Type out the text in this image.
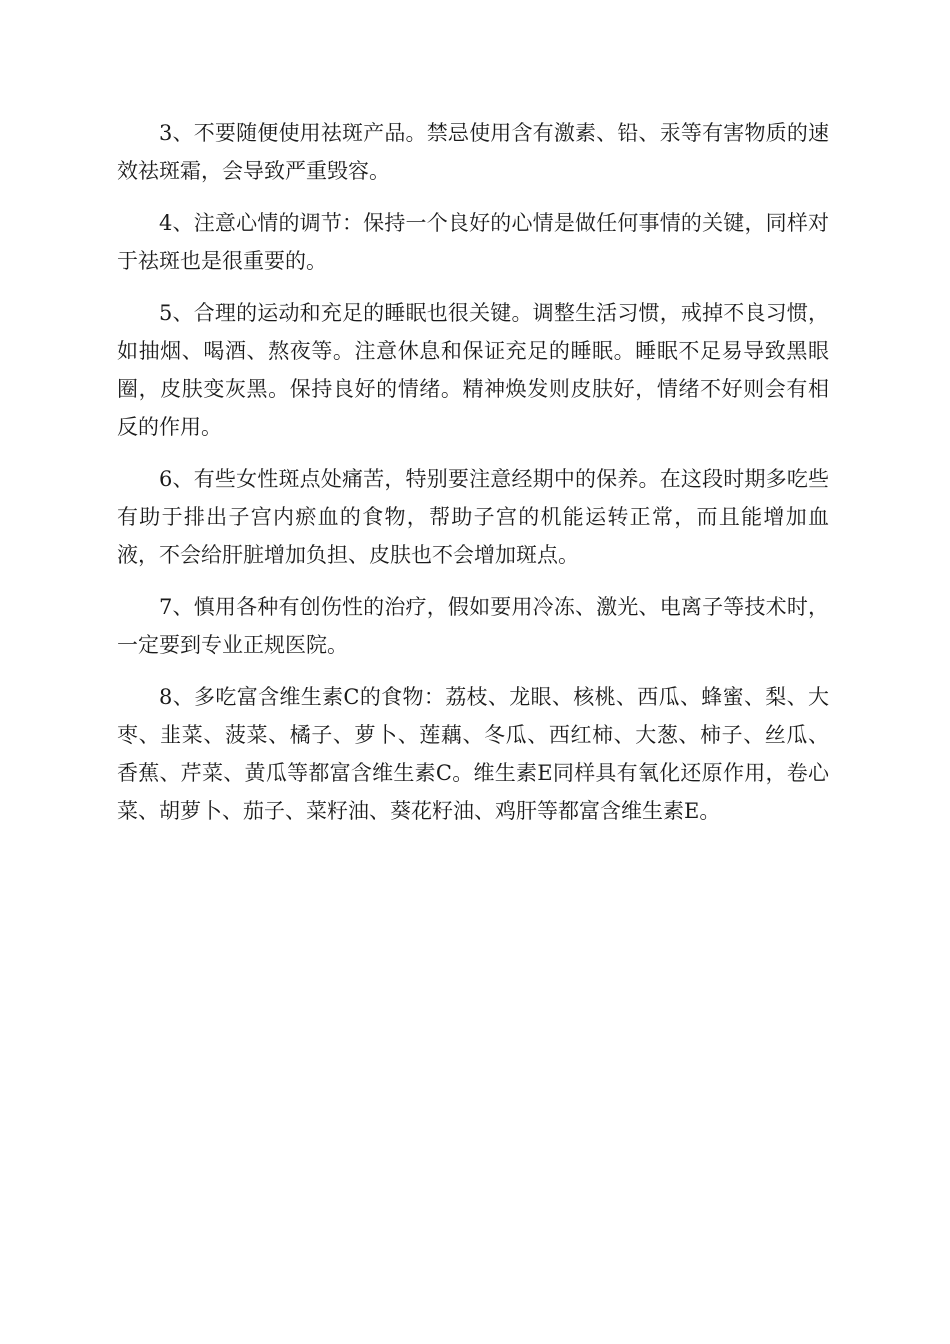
3、不要随便使用祛斑产品。禁忌使用含有激素、铅、汞等有害物质的速效祛斑霜，会导致严重毁容。

4、注意心情的调节：保持一个良好的心情是做任何事情的关键，同样对于祛斑也是很重要的。

5、合理的运动和充足的睡眠也很关键。调整生活习惯，戒掉不良习惯，如抽烟、喝酒、熬夜等。注意休息和保证充足的睡眠。睡眠不足易导致黑眼圈，皮肤变灰黑。保持良好的情绪。精神焕发则皮肤好，情绪不好则会有相反的作用。

6、有些女性斑点处痛苦，特别要注意经期中的保养。在这段时期多吃些有助于排出子宫内瘀血的食物，帮助子宫的机能运转正常，而且能增加血液，不会给肝脏增加负担、皮肤也不会增加斑点。

7、慎用各种有创伤性的治疗，假如要用冷冻、激光、电离子等技术时，一定要到专业正规医院。

8、多吃富含维生素C的食物：荔枝、龙眼、核桃、西瓜、蜂蜜、梨、大枣、韭菜、菠菜、橘子、萝卜、莲藕、冬瓜、西红柿、大葱、柿子、丝瓜、香蕉、芹菜、黄瓜等都富含维生素C。维生素E同样具有氧化还原作用，卷心菜、胡萝卜、茄子、菜籽油、葵花籽油、鸡肝等都富含维生素E。
